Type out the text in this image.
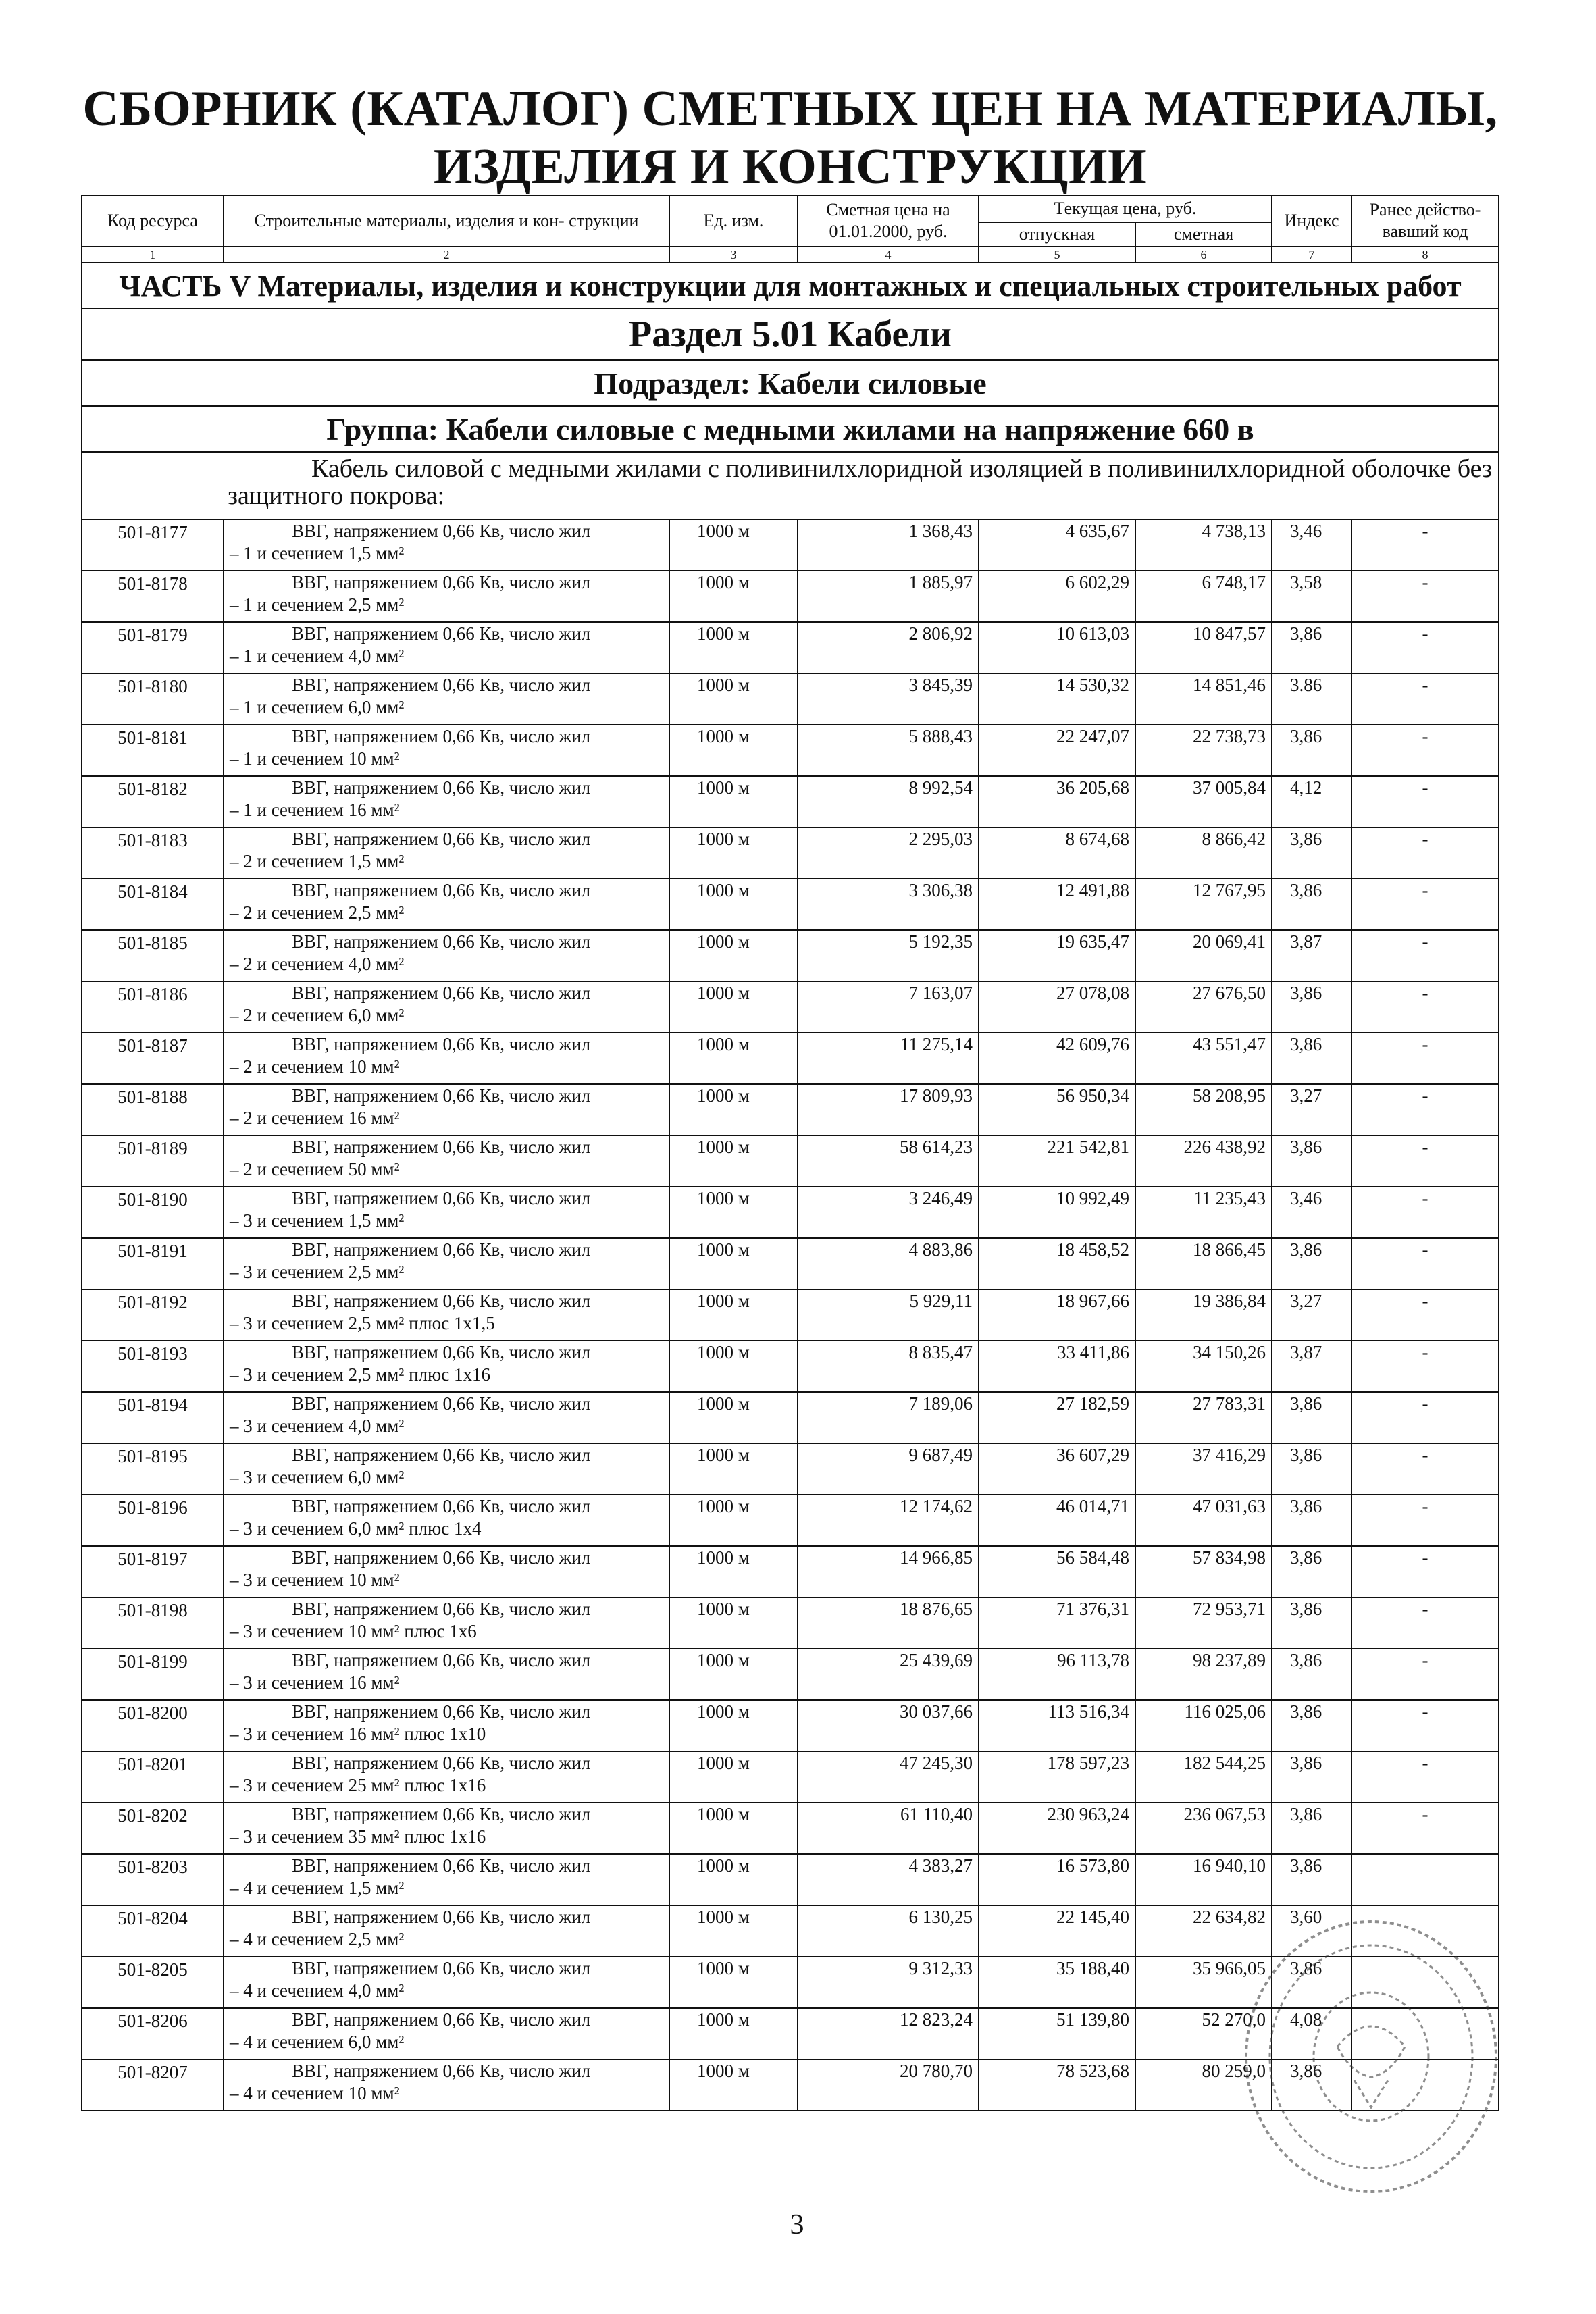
СБОРНИК (КАТАЛОГ) СМЕТНЫХ ЦЕН НА МАТЕРИАЛЫ,
ИЗДЕЛИЯ И КОНСТРУКЦИИ
Код ресурса	Строительные материалы, изделия и кон- струкции	Ед. изм.	Сметная цена на 01.01.2000, руб.	Текущая цена, руб.		Индекс	Ранее действо- вавший код
				отпускная	сметная		
1	2	3	4	5	6	7	8
ЧАСТЬ V Материалы, изделия и конструкции для монтажных и специальных строительных работ							
Раздел 5.01 Кабели							
Подраздел: Кабели силовые							
Группа: Кабели силовые с медными жилами на напряжение 660 в							
Кабель силовой с медными жилами с поливинилхлоридной изоляцией в поливинилхлоридной оболочке без защитного покрова:							
501-8177	ВВГ, напряжением 0,66 Кв, число жил
– 1 и сечением 1,5 мм²	1000 м	1 368,43	4 635,67	4 738,13	3,46	-
501-8178	ВВГ, напряжением 0,66 Кв, число жил
– 1 и сечением 2,5 мм²	1000 м	1 885,97	6 602,29	6 748,17	3,58	-
501-8179	ВВГ, напряжением 0,66 Кв, число жил
– 1 и сечением 4,0 мм²	1000 м	2 806,92	10 613,03	10 847,57	3,86	-
501-8180	ВВГ, напряжением 0,66 Кв, число жил
– 1 и сечением 6,0 мм²	1000 м	3 845,39	14 530,32	14 851,46	3.86	-
501-8181	ВВГ, напряжением 0,66 Кв, число жил
– 1 и сечением 10 мм²	1000 м	5 888,43	22 247,07	22 738,73	3,86	-
501-8182	ВВГ, напряжением 0,66 Кв, число жил
– 1 и сечением 16 мм²	1000 м	8 992,54	36 205,68	37 005,84	4,12	-
501-8183	ВВГ, напряжением 0,66 Кв, число жил
– 2 и сечением 1,5 мм²	1000 м	2 295,03	8 674,68	8 866,42	3,86	-
501-8184	ВВГ, напряжением 0,66 Кв, число жил
– 2 и сечением 2,5 мм²	1000 м	3 306,38	12 491,88	12 767,95	3,86	-
501-8185	ВВГ, напряжением 0,66 Кв, число жил
– 2 и сечением 4,0 мм²	1000 м	5 192,35	19 635,47	20 069,41	3,87	-
501-8186	ВВГ, напряжением 0,66 Кв, число жил
– 2 и сечением 6,0 мм²	1000 м	7 163,07	27 078,08	27 676,50	3,86	-
501-8187	ВВГ, напряжением 0,66 Кв, число жил
– 2 и сечением 10 мм²	1000 м	11 275,14	42 609,76	43 551,47	3,86	-
501-8188	ВВГ, напряжением 0,66 Кв, число жил
– 2 и сечением 16 мм²	1000 м	17 809,93	56 950,34	58 208,95	3,27	-
501-8189	ВВГ, напряжением 0,66 Кв, число жил
– 2 и сечением 50 мм²	1000 м	58 614,23	221 542,81	226 438,92	3,86	-
501-8190	ВВГ, напряжением 0,66 Кв, число жил
– 3 и сечением 1,5 мм²	1000 м	3 246,49	10 992,49	11 235,43	3,46	-
501-8191	ВВГ, напряжением 0,66 Кв, число жил
– 3 и сечением 2,5 мм²	1000 м	4 883,86	18 458,52	18 866,45	3,86	-
501-8192	ВВГ, напряжением 0,66 Кв, число жил
– 3 и сечением 2,5 мм² плюс 1х1,5	1000 м	5 929,11	18 967,66	19 386,84	3,27	-
501-8193	ВВГ, напряжением 0,66 Кв, число жил
– 3 и сечением 2,5 мм² плюс 1х16	1000 м	8 835,47	33 411,86	34 150,26	3,87	-
501-8194	ВВГ, напряжением 0,66 Кв, число жил
– 3 и сечением 4,0 мм²	1000 м	7 189,06	27 182,59	27 783,31	3,86	-
501-8195	ВВГ, напряжением 0,66 Кв, число жил
– 3 и сечением 6,0 мм²	1000 м	9 687,49	36 607,29	37 416,29	3,86	-
501-8196	ВВГ, напряжением 0,66 Кв, число жил
– 3 и сечением 6,0 мм² плюс 1х4	1000 м	12 174,62	46 014,71	47 031,63	3,86	-
501-8197	ВВГ, напряжением 0,66 Кв, число жил
– 3 и сечением 10 мм²	1000 м	14 966,85	56 584,48	57 834,98	3,86	-
501-8198	ВВГ, напряжением 0,66 Кв, число жил
– 3 и сечением 10 мм² плюс 1х6	1000 м	18 876,65	71 376,31	72 953,71	3,86	-
501-8199	ВВГ, напряжением 0,66 Кв, число жил
– 3 и сечением 16 мм²	1000 м	25 439,69	96 113,78	98 237,89	3,86	-
501-8200	ВВГ, напряжением 0,66 Кв, число жил
– 3 и сечением 16 мм² плюс 1х10	1000 м	30 037,66	113 516,34	116 025,06	3,86	-
501-8201	ВВГ, напряжением 0,66 Кв, число жил
– 3 и сечением 25 мм² плюс 1х16	1000 м	47 245,30	178 597,23	182 544,25	3,86	-
501-8202	ВВГ, напряжением 0,66 Кв, число жил
– 3 и сечением 35 мм² плюс 1х16	1000 м	61 110,40	230 963,24	236 067,53	3,86	-
501-8203	ВВГ, напряжением 0,66 Кв, число жил
– 4 и сечением 1,5 мм²	1000 м	4 383,27	16 573,80	16 940,10	3,86	
501-8204	ВВГ, напряжением 0,66 Кв, число жил
– 4 и сечением 2,5 мм²	1000 м	6 130,25	22 145,40	22 634,82	3,60	
501-8205	ВВГ, напряжением 0,66 Кв, число жил
– 4 и сечением 4,0 мм²	1000 м	9 312,33	35 188,40	35 966,05	3,86	
501-8206	ВВГ, напряжением 0,66 Кв, число жил
– 4 и сечением 6,0 мм²	1000 м	12 823,24	51 139,80	52 270,0	4,08	
501-8207	ВВГ, напряжением 0,66 Кв, число жил
– 4 и сечением 10 мм²	1000 м	20 780,70	78 523,68	80 259,0	3,86	
3
